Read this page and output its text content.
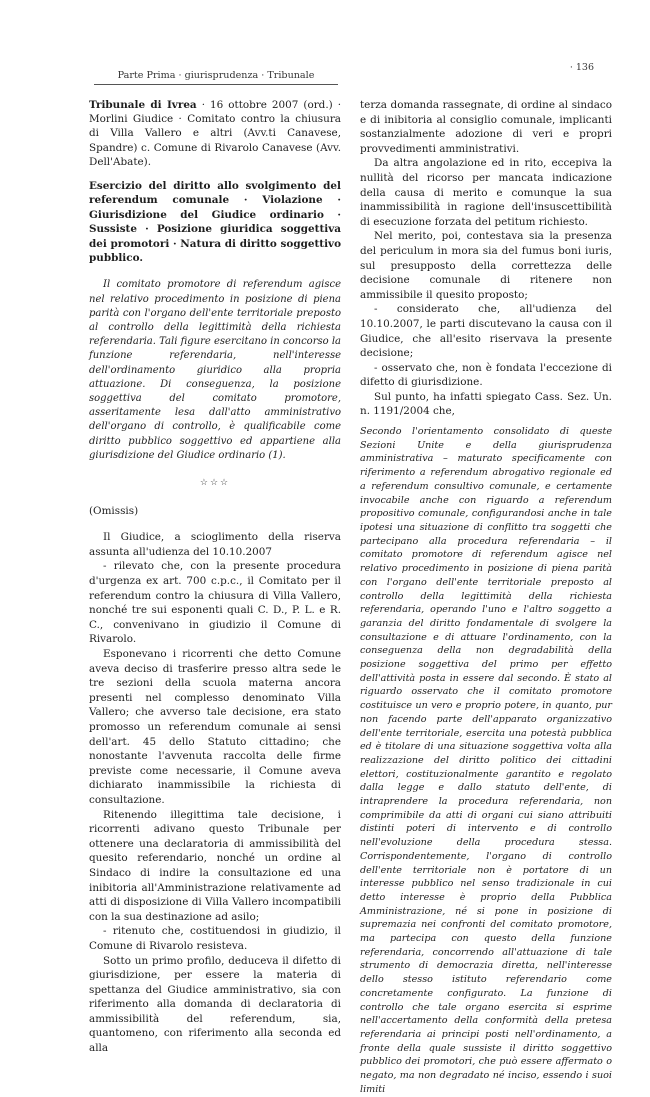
· 136
Parte Prima · giurisprudenza · Tribunale

Tribunale di Ivrea · 16 ottobre 2007 (ord.) · Morlini Giudice · Comitato contro la chiusura di Villa Vallero e altri (Avv.ti Canavese, Spandre) c. Comune di Rivarolo Canavese (Avv. Dell'Abate).

Esercizio del diritto allo svolgimento del referendum comunale · Violazione · Giurisdizione del Giudice ordinario · Sussiste · Posizione giuridica soggettiva dei promotori · Natura di diritto soggettivo pubblico.

Il comitato promotore di referendum agisce nel relativo procedimento in posizione di piena parità con l'organo dell'ente territoriale preposto al controllo della legittimità della richiesta referendaria. Tali figure esercitano in concorso la funzione referendaria, nell'interesse dell'ordinamento giuridico alla propria attuazione. Di conseguenza, la posizione soggettiva del comitato promotore, asseritamente lesa dall'atto amministrativo dell'organo di controllo, è qualificabile come diritto pubblico soggettivo ed appartiene alla giurisdizione del Giudice ordinario (1).

☆☆☆

(Omissis)

Il Giudice, a scioglimento della riserva assunta all'udienza del 10.10.2007

- rilevato che, con la presente procedura d'urgenza ex art. 700 c.p.c., il Comitato per il referendum contro la chiusura di Villa Vallero, nonché tre sui esponenti quali C. D., P. L. e R. C., convenivano in giudizio il Comune di Rivarolo.

Esponevano i ricorrenti che detto Comune aveva deciso di trasferire presso altra sede le tre sezioni della scuola materna ancora presenti nel complesso denominato Villa Vallero; che avverso tale decisione, era stato promosso un referendum comunale ai sensi dell'art. 45 dello Statuto cittadino; che nonostante l'avvenuta raccolta delle firme previste come necessarie, il Comune aveva dichiarato inammissibile la richiesta di consultazione.

Ritenendo illegittima tale decisione, i ricorrenti adivano questo Tribunale per ottenere una declaratoria di ammissibilità del quesito referendario, nonché un ordine al Sindaco di indire la consultazione ed una inibitoria all'Amministrazione relativamente ad atti di disposizione di Villa Vallero incompatibili con la sua destinazione ad asilo;

- ritenuto che, costituendosi in giudizio, il Comune di Rivarolo resisteva.

Sotto un primo profilo, deduceva il difetto di giurisdizione, per essere la materia di spettanza del Giudice amministrativo, sia con riferimento alla domanda di declaratoria di ammissibilità del referendum, sia, quantomeno, con riferimento alla seconda ed alla

terza domanda rassegnate, di ordine al sindaco e di inibitoria al consiglio comunale, implicanti sostanzialmente adozione di veri e propri provvedimenti amministrativi.

Da altra angolazione ed in rito, eccepiva la nullità del ricorso per mancata indicazione della causa di merito e comunque la sua inammissibilità in ragione dell'insuscettibilità di esecuzione forzata del petitum richiesto.

Nel merito, poi, contestava sia la presenza del periculum in mora sia del fumus boni iuris, sul presupposto della correttezza delle decisione comunale di ritenere non ammissibile il quesito proposto;

- considerato che, all'udienza del 10.10.2007, le parti discutevano la causa con il Giudice, che all'esito riservava la presente decisione;

- osservato che, non è fondata l'eccezione di difetto di giurisdizione.

Sul punto, ha infatti spiegato Cass. Sez. Un. n. 1191/2004 che,

Secondo l'orientamento consolidato di queste Sezioni Unite e della giurisprudenza amministrativa – maturato specificamente con riferimento a referendum abrogativo regionale ed a referendum consultivo comunale, e certamente invocabile anche con riguardo a referendum propositivo comunale, configurandosi anche in tale ipotesi una situazione di conflitto tra soggetti che partecipano alla procedura referendaria – il comitato promotore di referendum agisce nel relativo procedimento in posizione di piena parità con l'organo dell'ente territoriale preposto al controllo della legittimità della richiesta referendaria, operando l'uno e l'altro soggetto a garanzia del diritto fondamentale di svolgere la consultazione e di attuare l'ordinamento, con la conseguenza della non degradabilità della posizione soggettiva del primo per effetto dell'attività posta in essere dal secondo. È stato al riguardo osservato che il comitato promotore costituisce un vero e proprio potere, in quanto, pur non facendo parte dell'apparato organizzativo dell'ente territoriale, esercita una potestà pubblica ed è titolare di una situazione soggettiva volta alla realizzazione del diritto politico dei cittadini elettori, costituzionalmente garantito e regolato dalla legge e dallo statuto dell'ente, di intraprendere la procedura referendaria, non comprimibile da atti di organi cui siano attribuiti distinti poteri di intervento e di controllo nell'evoluzione della procedura stessa. Corrispondentemente, l'organo di controllo dell'ente territoriale non è portatore di un interesse pubblico nel senso tradizionale in cui detto interesse è proprio della Pubblica Amministrazione, né si pone in posizione di supremazia nei confronti del comitato promotore, ma partecipa con questo della funzione referendaria, concorrendo all'attuazione di tale strumento di democrazia diretta, nell'interesse dello stesso istituto referendario come concretamente configurato. La funzione di controllo che tale organo esercita si esprime nell'accertamento della conformità della pretesa referendaria ai principi posti nell'ordinamento, a fronte della quale sussiste il diritto soggettivo pubblico dei promotori, che può essere affermato o negato, ma non degradato né inciso, essendo i suoi limiti
